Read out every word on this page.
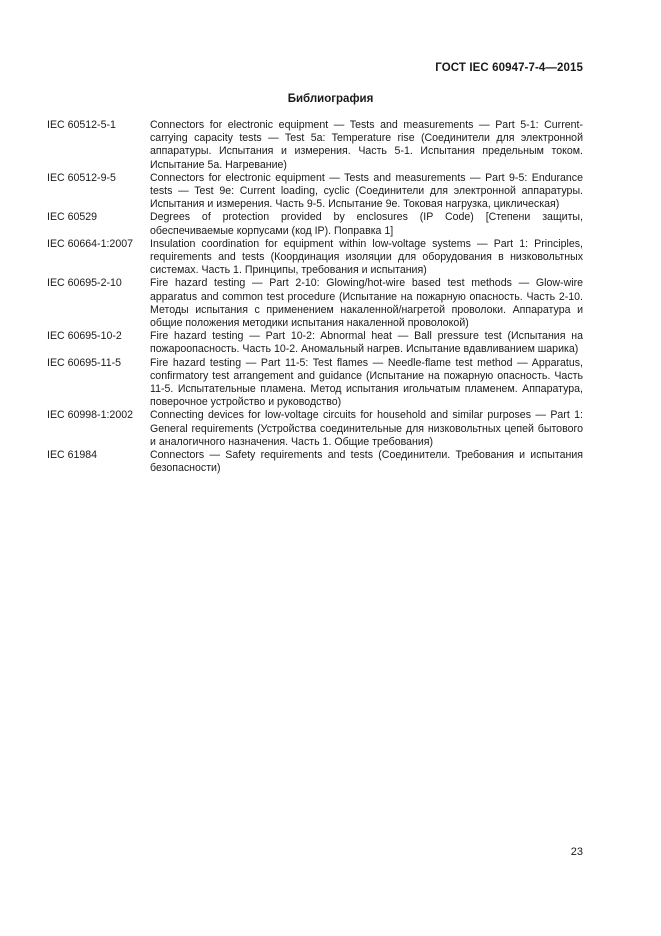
ГОСТ IEC 60947-7-4—2015
Библиография
IEC 60512-5-1	Connectors for electronic equipment — Tests and measurements — Part 5-1: Current-carrying capacity tests — Test 5a: Temperature rise (Соединители для электронной аппаратуры. Испытания и измерения. Часть 5-1. Испытания предельным током. Испытание 5а. Нагревание)
IEC 60512-9-5	Connectors for electronic equipment — Tests and measurements — Part 9-5: Endurance tests — Test 9e: Current loading, cyclic (Соединители для электронной аппаратуры. Испытания и измерения. Часть 9-5. Испытание 9е. Токовая нагрузка, циклическая)
IEC 60529	Degrees of protection provided by enclosures (IP Code) [Степени защиты, обеспечиваемые корпусами (код IP). Поправка 1]
IEC 60664-1:2007	Insulation coordination for equipment within low-voltage systems — Part 1: Principles, requirements and tests (Координация изоляции для оборудования в низковольтных системах. Часть 1. Принципы, требования и испытания)
IEC 60695-2-10	Fire hazard testing — Part 2-10: Glowing/hot-wire based test methods — Glow-wire apparatus and common test procedure (Испытание на пожарную опасность. Часть 2-10. Методы испытания с применением накаленной/нагретой проволоки. Аппаратура и общие положения методики испытания накаленной проволокой)
IEC 60695-10-2	Fire hazard testing — Part 10-2: Abnormal heat — Ball pressure test (Испытания на пожароопасность. Часть 10-2. Аномальный нагрев. Испытание вдавливанием шарика)
IEC 60695-11-5	Fire hazard testing — Part 11-5: Test flames — Needle-flame test method — Apparatus, confirmatory test arrangement and guidance (Испытание на пожарную опасность. Часть 11-5. Испытательные пламена. Метод испытания игольчатым пламенем. Аппаратура, поверочное устройство и руководство)
IEC 60998-1:2002	Connecting devices for low-voltage circuits for household and similar purposes — Part 1: General requirements (Устройства соединительные для низковольтных цепей бытового и аналогичного назначения. Часть 1. Общие требования)
IEC 61984	Connectors — Safety requirements and tests (Соединители. Требования и испытания безопасности)
23
